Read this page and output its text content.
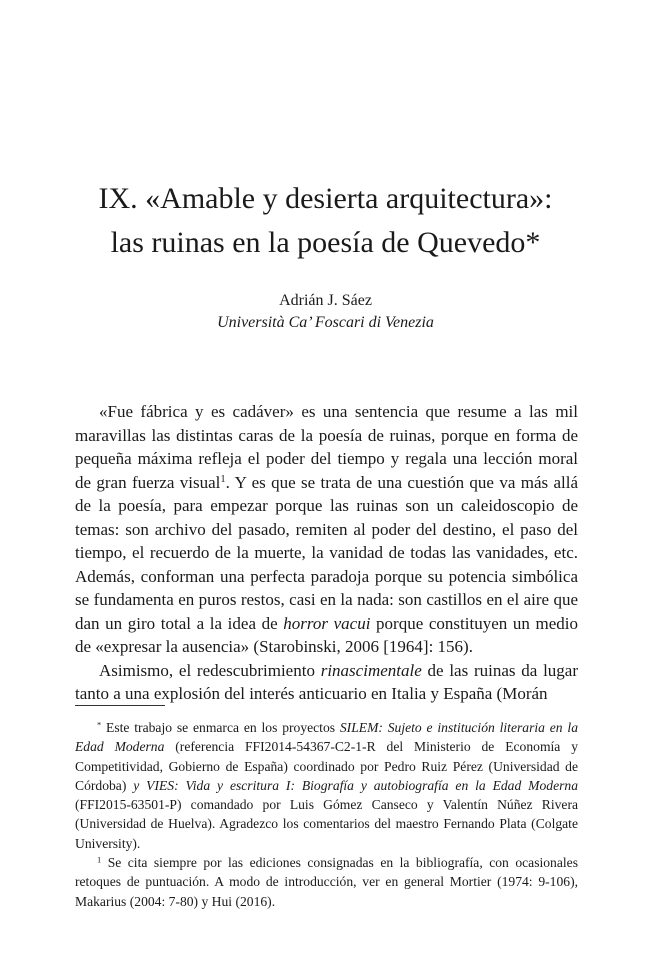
IX. «Amable y desierta arquitectura»:
las ruinas en la poesía de Quevedo*
Adrián J. Sáez
Università Ca’ Foscari di Venezia

«Fue fábrica y es cadáver» es una sentencia que resume a las mil maravillas las distintas caras de la poesía de ruinas, porque en forma de pequeña máxima refleja el poder del tiempo y regala una lección moral de gran fuerza visual$^1$. Y es que se trata de una cuestión que va más allá de la poesía, para empezar porque las ruinas son un caleidoscopio de temas: son archivo del pasado, remiten al poder del destino, el paso del tiempo, el recuerdo de la muerte, la vanidad de todas las vanidades, etc. Además, conforman una perfecta paradoja porque su potencia simbólica se fundamenta en puros restos, casi en la nada: son castillos en el aire que dan un giro total a la idea de horror vacui porque constituyen un medio de «expresar la ausencia» (Starobinski, 2006 [1964]: 156).

Asimismo, el redescubrimiento rinascimentale de las ruinas da lugar tanto a una explosión del interés anticuario en Italia y España (Morán

* Este trabajo se enmarca en los proyectos SILEM: Sujeto e institución literaria en la Edad Moderna (referencia FFI2014-54367-C2-1-R del Ministerio de Economía y Competitividad, Gobierno de España) coordinado por Pedro Ruiz Pérez (Universidad de Córdoba) y VIES: Vida y escritura I: Biografía y autobiografía en la Edad Moderna (FFI2015-63501-P) comandado por Luis Gómez Canseco y Valentín Núñez Rivera (Universidad de Huelva). Agradezco los comentarios del maestro Fernando Plata (Colgate University).

$^1$ Se cita siempre por las ediciones consignadas en la bibliografía, con ocasionales retoques de puntuación. A modo de introducción, ver en general Mortier (1974: 9-106), Makarius (2004: 7-80) y Hui (2016).
